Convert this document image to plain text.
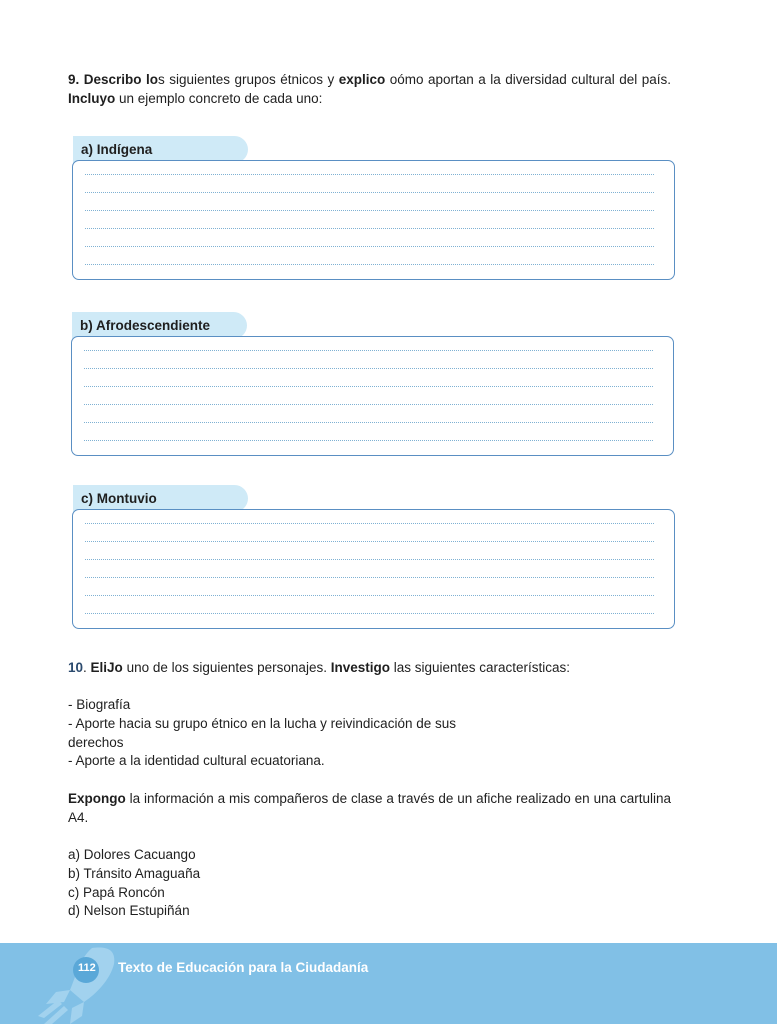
9. Describo los siguientes grupos étnicos y explico oómo aportan a la diversidad cultural del país. Incluyo un ejemplo concreto de cada uno:
a) Indígena
b) Afrodescendiente
c) Montuvio
10. EliJo uno de los siguientes personajes. Investigo las siguientes características:
- Biografía
- Aporte hacia su grupo étnico en la lucha y reivindicación de sus
derechos
- Aporte a la identidad cultural ecuatoriana.
Expongo la información a mis compañeros de clase a través de un afiche realizado en una cartulina A4.
a) Dolores Cacuango
b) Tránsito Amaguaña
c) Papá Roncón
d) Nelson Estupiñán
112 Texto de Educación para la Ciudadanía
